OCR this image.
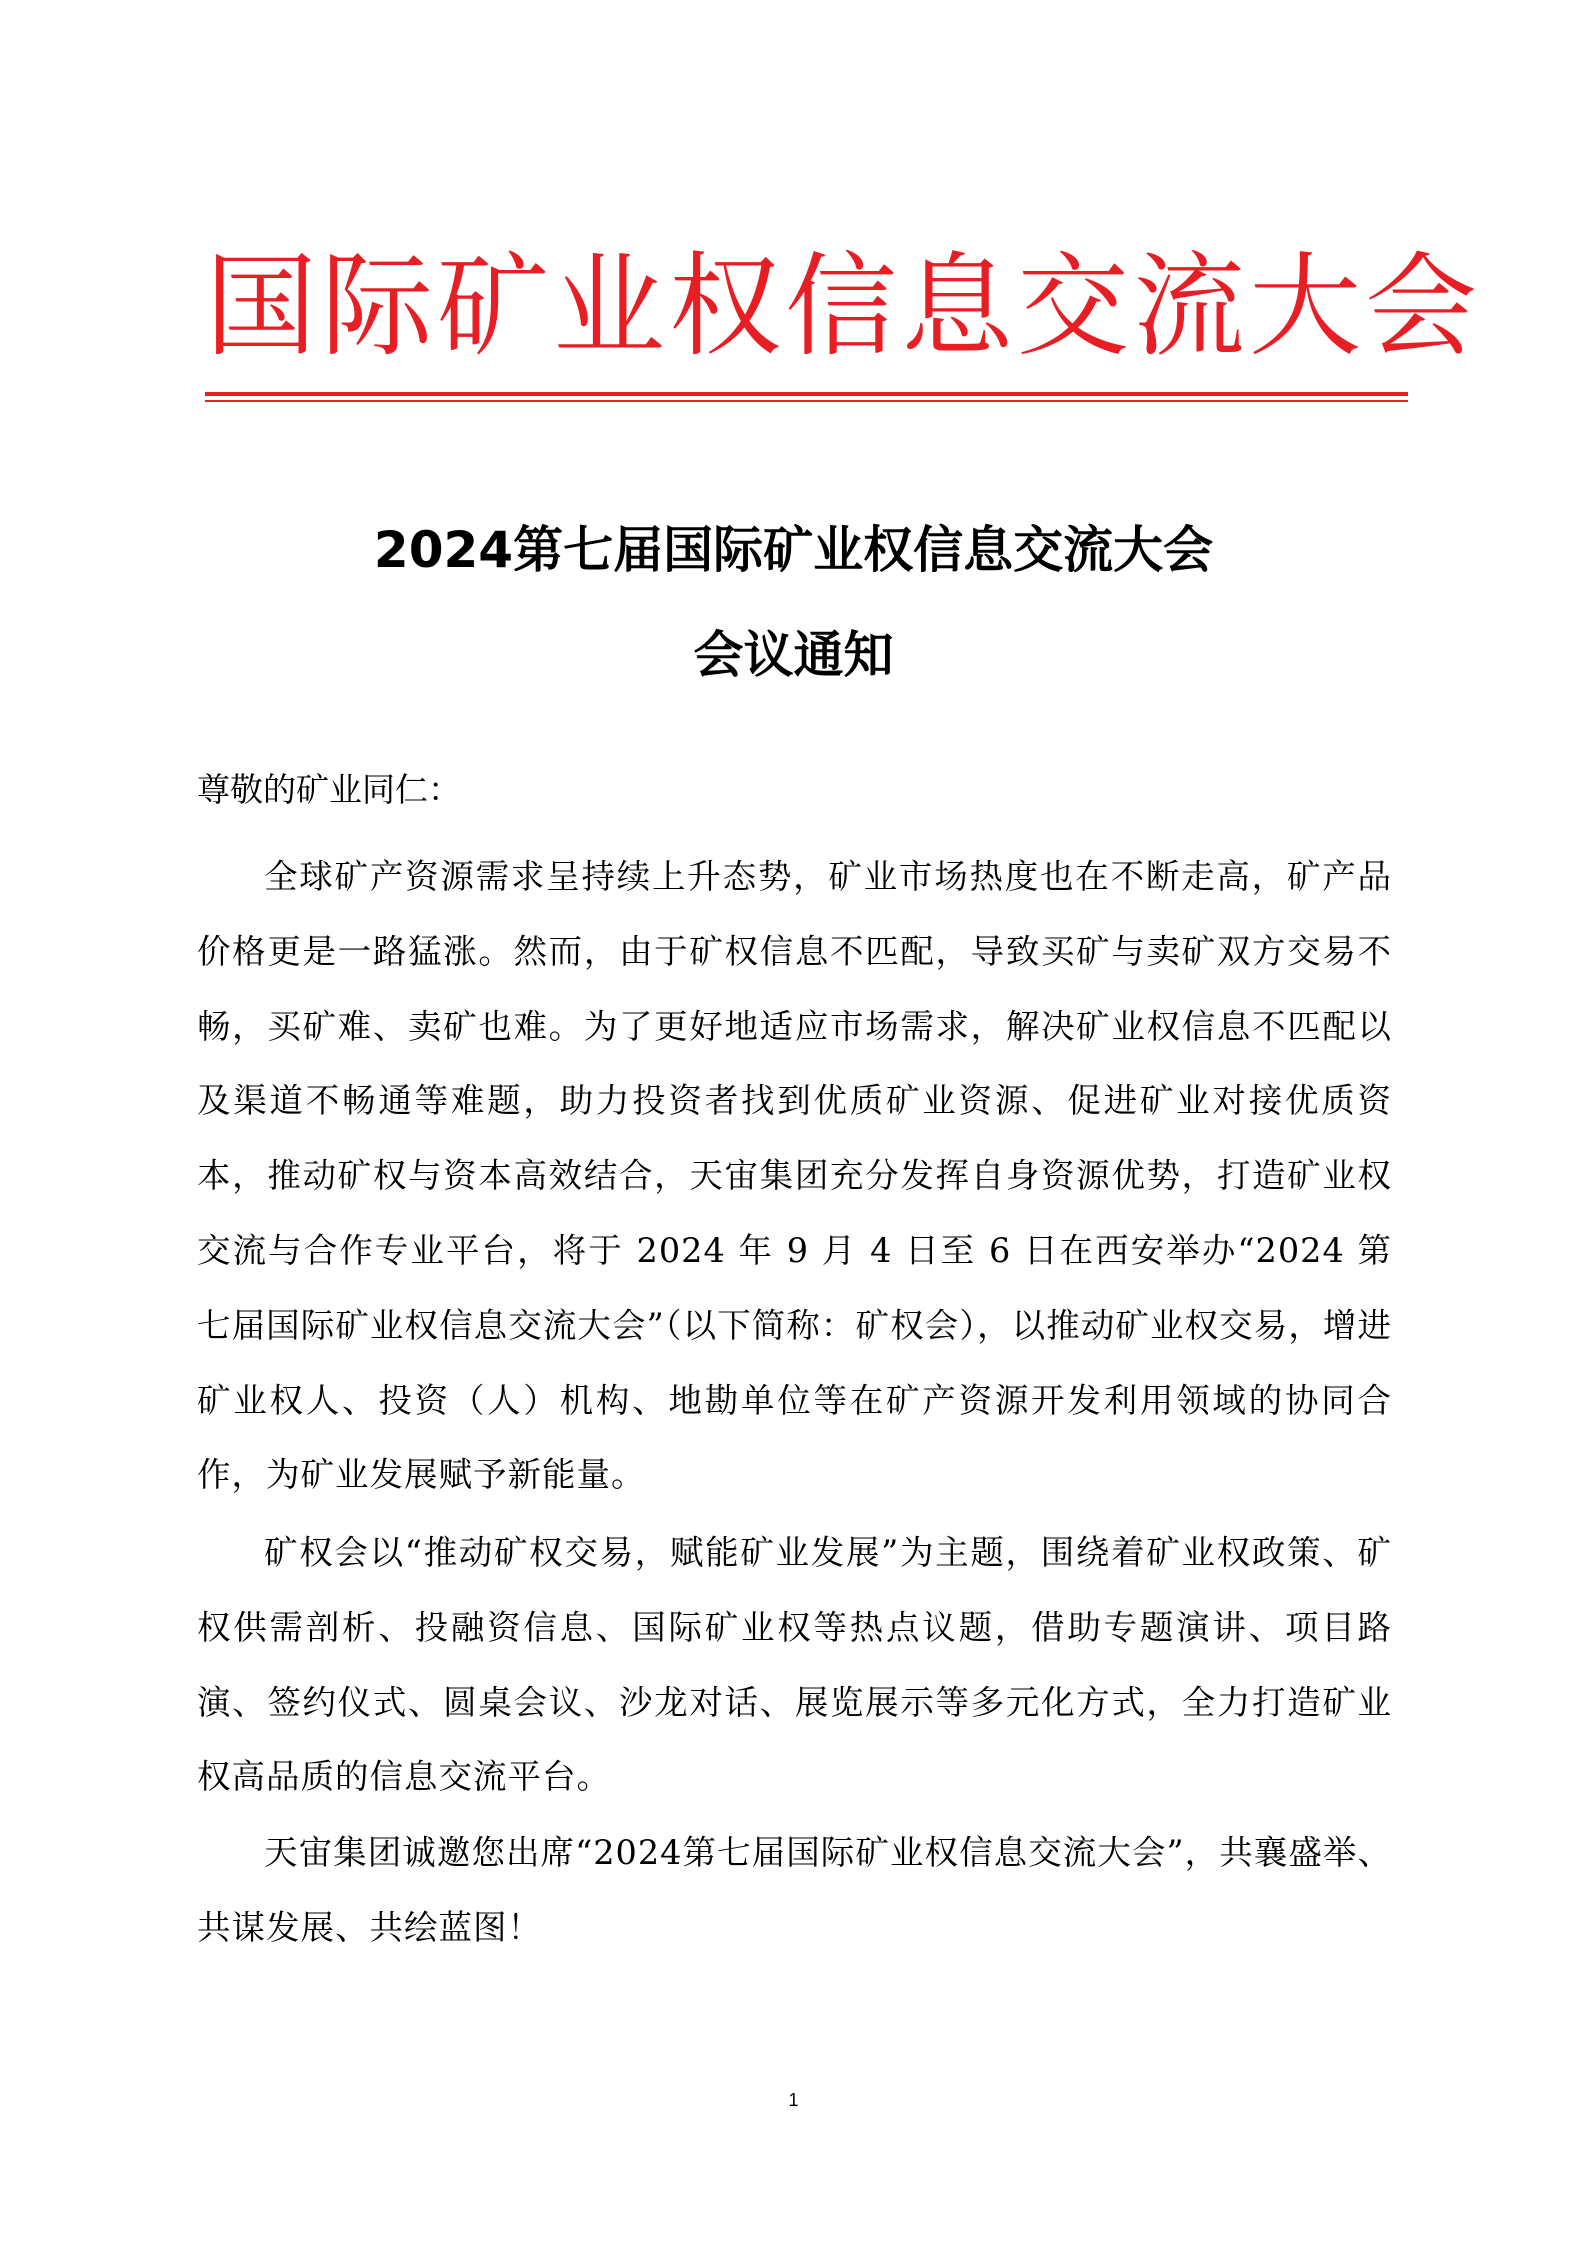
国际矿业权信息交流大会
2024第七届国际矿业权信息交流大会
会议通知
尊敬的矿业同仁：

全球矿产资源需求呈持续上升态势，矿业市场热度也在不断走高，矿产品价格更是一路猛涨。然而，由于矿权信息不匹配，导致买矿与卖矿双方交易不畅，买矿难、卖矿也难。为了更好地适应市场需求，解决矿业权信息不匹配以及渠道不畅通等难题，助力投资者找到优质矿业资源、促进矿业对接优质资本，推动矿权与资本高效结合，天宙集团充分发挥自身资源优势，打造矿业权交流与合作专业平台，将于 2024 年 9 月 4 日至 6 日在西安举办“2024 第七届国际矿业权信息交流大会”（以下简称：矿权会），以推动矿业权交易，增进矿业权人、投资（人）机构、地勘单位等在矿产资源开发利用领域的协同合作，为矿业发展赋予新能量。

矿权会以“推动矿权交易，赋能矿业发展”为主题，围绕着矿业权政策、矿权供需剖析、投融资信息、国际矿业权等热点议题，借助专题演讲、项目路演、签约仪式、圆桌会议、沙龙对话、展览展示等多元化方式，全力打造矿业权高品质的信息交流平台。

天宙集团诚邀您出席“2024第七届国际矿业权信息交流大会”，共襄盛举、共谋发展、共绘蓝图！

1
